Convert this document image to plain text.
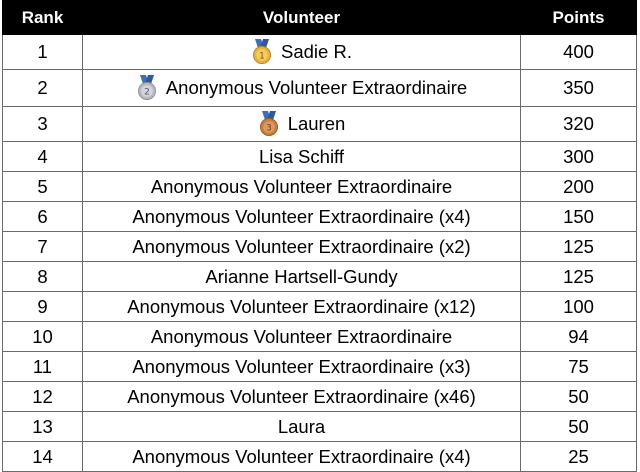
Rank	Volunteer	Points
1	1 Sadie R.	400
2	2 Anonymous Volunteer Extraordinaire	350
3	3 Lauren	320
4	Lisa Schiff	300
5	Anonymous Volunteer Extraordinaire	200
6	Anonymous Volunteer Extraordinaire (x4)	150
7	Anonymous Volunteer Extraordinaire (x2)	125
8	Arianne Hartsell-Gundy	125
9	Anonymous Volunteer Extraordinaire (x12)	100
10	Anonymous Volunteer Extraordinaire	94
11	Anonymous Volunteer Extraordinaire (x3)	75
12	Anonymous Volunteer Extraordinaire (x46)	50
13	Laura	50
14	Anonymous Volunteer Extraordinaire (x4)	25
